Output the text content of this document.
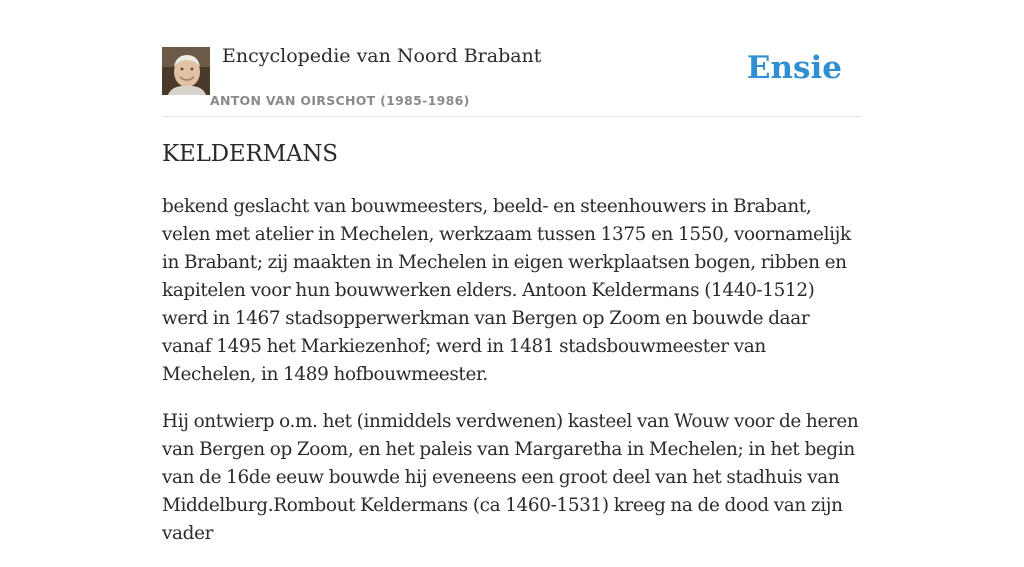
Encyclopedie van Noord Brabant
ANTON VAN OIRSCHOT (1985-1986)
Ensie
KELDERMANS

bekend geslacht van bouwmeesters, beeld- en steenhouwers in Brabant, velen met atelier in Mechelen, werkzaam tussen 1375 en 1550, voornamelijk in Brabant; zij maakten in Mechelen in eigen werkplaatsen bogen, ribben en kapitelen voor hun bouwwerken elders. Antoon Keldermans (1440-1512) werd in 1467 stadsopperwerkman van Bergen op Zoom en bouwde daar vanaf 1495 het Markiezenhof; werd in 1481 stadsbouwmeester van Mechelen, in 1489 hofbouwmeester.

Hij ontwierp o.m. het (inmiddels verdwenen) kasteel van Wouw voor de heren van Bergen op Zoom, en het paleis van Margaretha in Mechelen; in het begin van de 16de eeuw bouwde hij eveneens een groot deel van het stadhuis van Middelburg.Rombout Keldermans (ca 1460-1531) kreeg na de dood van zijn vader
